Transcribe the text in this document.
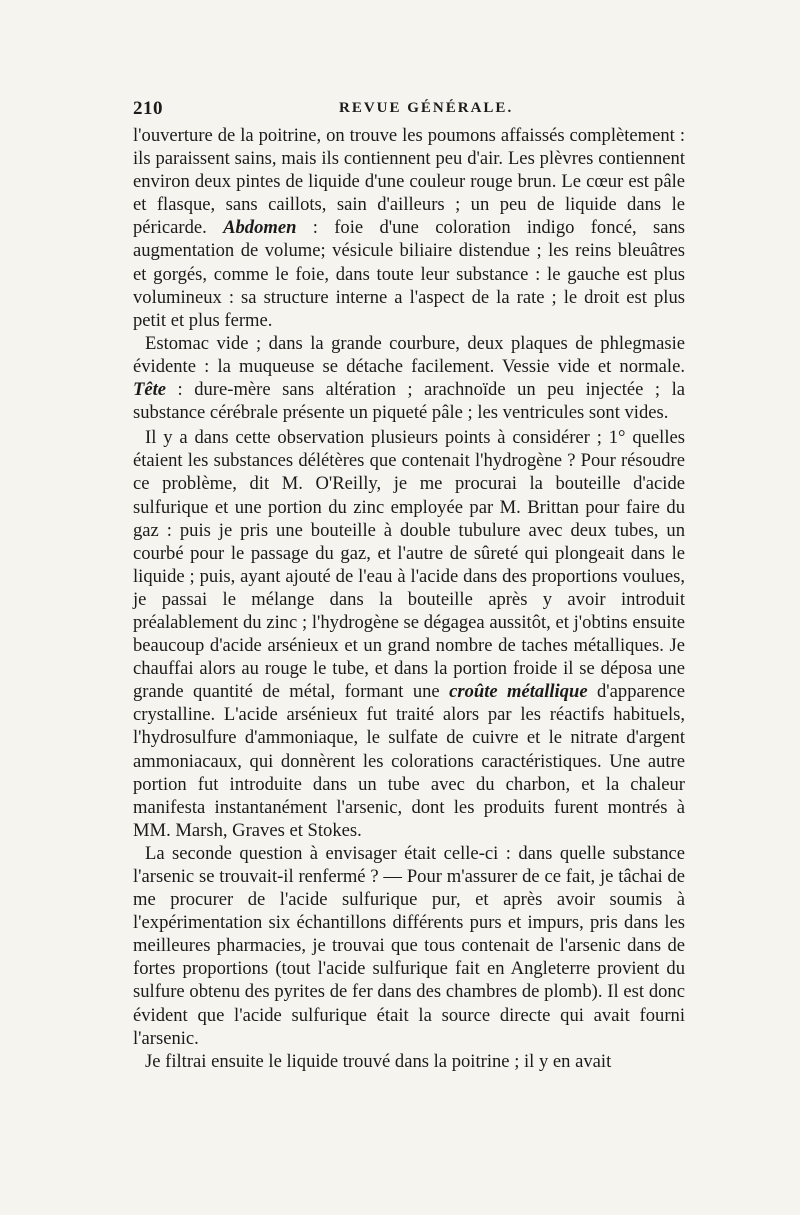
210	REVUE GÉNÉRALE.

l'ouverture de la poitrine, on trouve les poumons affaissés complètement : ils paraissent sains, mais ils contiennent peu d'air. Les plèvres contiennent environ deux pintes de liquide d'une couleur rouge brun. Le cœur est pâle et flasque, sans caillots, sain d'ailleurs ; un peu de liquide dans le péricarde. Abdomen : foie d'une coloration indigo foncé, sans augmentation de volume; vésicule biliaire distendue ; les reins bleuâtres et gorgés, comme le foie, dans toute leur substance : le gauche est plus volumineux : sa structure interne a l'aspect de la rate ; le droit est plus petit et plus ferme.

Estomac vide ; dans la grande courbure, deux plaques de phlegmasie évidente : la muqueuse se détache facilement. Vessie vide et normale. Tête : dure-mère sans altération ; arachnoïde un peu injectée ; la substance cérébrale présente un piqueté pâle ; les ventricules sont vides.

Il y a dans cette observation plusieurs points à considérer ; 1° quelles étaient les substances délétères que contenait l'hydrogène ? Pour résoudre ce problème, dit M. O'Reilly, je me procurai la bouteille d'acide sulfurique et une portion du zinc employée par M. Brittan pour faire du gaz : puis je pris une bouteille à double tubulure avec deux tubes, un courbé pour le passage du gaz, et l'autre de sûreté qui plongeait dans le liquide ; puis, ayant ajouté de l'eau à l'acide dans des proportions voulues, je passai le mélange dans la bouteille après y avoir introduit préalablement du zinc ; l'hydrogène se dégagea aussitôt, et j'obtins ensuite beaucoup d'acide arsénieux et un grand nombre de taches métalliques. Je chauffai alors au rouge le tube, et dans la portion froide il se déposa une grande quantité de métal, formant une croûte métallique d'apparence crystalline. L'acide arsénieux fut traité alors par les réactifs habituels, l'hydrosulfure d'ammoniaque, le sulfate de cuivre et le nitrate d'argent ammoniacaux, qui donnèrent les colorations caractéristiques. Une autre portion fut introduite dans un tube avec du charbon, et la chaleur manifesta instantanément l'arsenic, dont les produits furent montrés à MM. Marsh, Graves et Stokes.

La seconde question à envisager était celle-ci : dans quelle substance l'arsenic se trouvait-il renfermé ? — Pour m'assurer de ce fait, je tâchai de me procurer de l'acide sulfurique pur, et après avoir soumis à l'expérimentation six échantillons différents purs et impurs, pris dans les meilleures pharmacies, je trouvai que tous contenait de l'arsenic dans de fortes proportions (tout l'acide sulfurique fait en Angleterre provient du sulfure obtenu des pyrites de fer dans des chambres de plomb). Il est donc évident que l'acide sulfurique était la source directe qui avait fourni l'arsenic.

Je filtrai ensuite le liquide trouvé dans la poitrine ; il y en avait
